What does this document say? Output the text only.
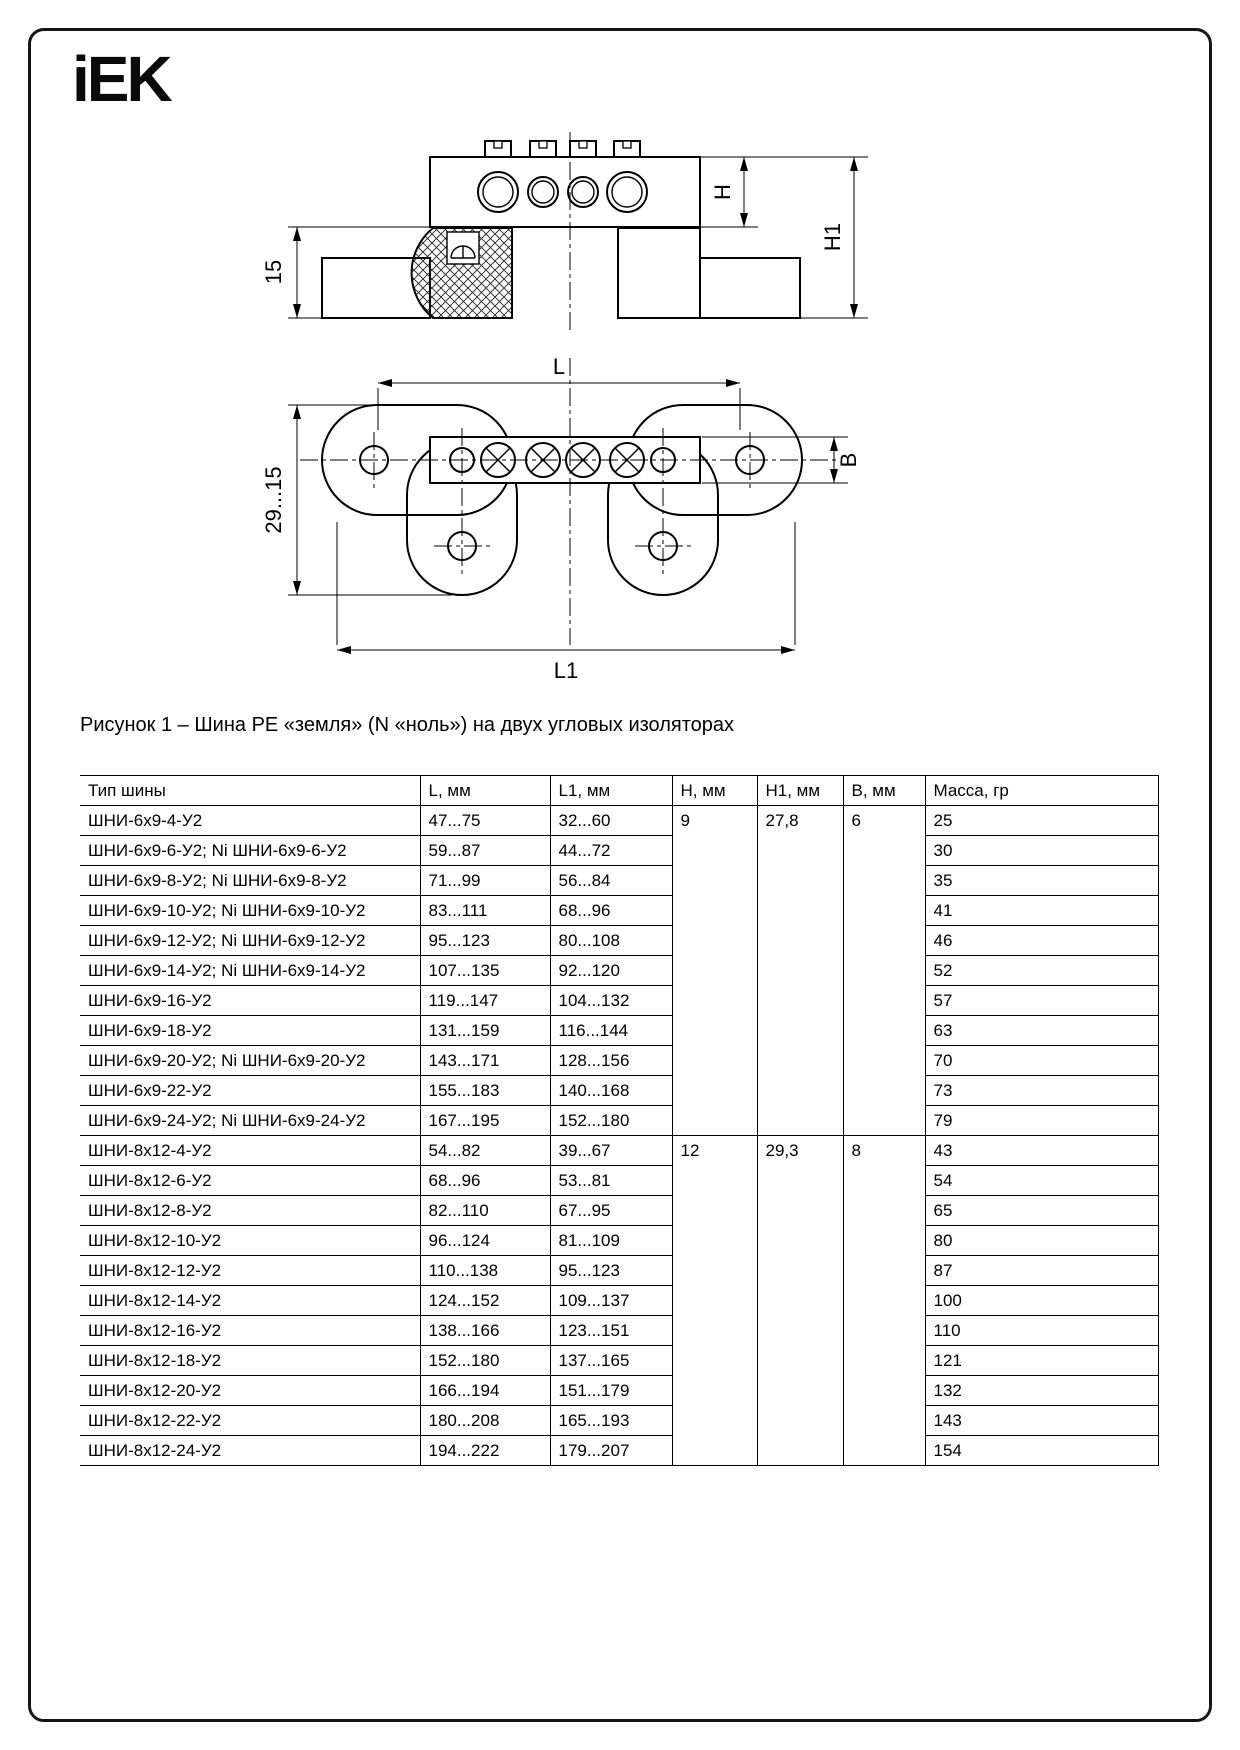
iEK
15
H
H1
L
L1
29...15
B
Рисунок 1 – Шина PE «земля» (N «ноль») на двух угловых изоляторах
Тип шины	L, мм	L1, мм	Н, мм	Н1, мм	В, мм	Масса, гр
ШНИ-6х9-4-У2	47...75	32...60	9	27,8	6	25
ШНИ-6х9-6-У2; Ni ШНИ-6х9-6-У2	59...87	44...72				30
ШНИ-6х9-8-У2; Ni ШНИ-6х9-8-У2	71...99	56...84				35
ШНИ-6х9-10-У2; Ni ШНИ-6х9-10-У2	83...111	68...96				41
ШНИ-6х9-12-У2; Ni ШНИ-6х9-12-У2	95...123	80...108				46
ШНИ-6х9-14-У2; Ni ШНИ-6х9-14-У2	107...135	92...120				52
ШНИ-6х9-16-У2	119...147	104...132				57
ШНИ-6х9-18-У2	131...159	116...144				63
ШНИ-6х9-20-У2; Ni ШНИ-6х9-20-У2	143...171	128...156				70
ШНИ-6х9-22-У2	155...183	140...168				73
ШНИ-6х9-24-У2; Ni ШНИ-6х9-24-У2	167...195	152...180				79
ШНИ-8х12-4-У2	54...82	39...67	12	29,3	8	43
ШНИ-8х12-6-У2	68...96	53...81				54
ШНИ-8х12-8-У2	82...110	67...95				65
ШНИ-8х12-10-У2	96...124	81...109				80
ШНИ-8х12-12-У2	110...138	95...123				87
ШНИ-8х12-14-У2	124...152	109...137				100
ШНИ-8х12-16-У2	138...166	123...151				110
ШНИ-8х12-18-У2	152...180	137...165				121
ШНИ-8х12-20-У2	166...194	151...179				132
ШНИ-8х12-22-У2	180...208	165...193				143
ШНИ-8х12-24-У2	194...222	179...207				154
